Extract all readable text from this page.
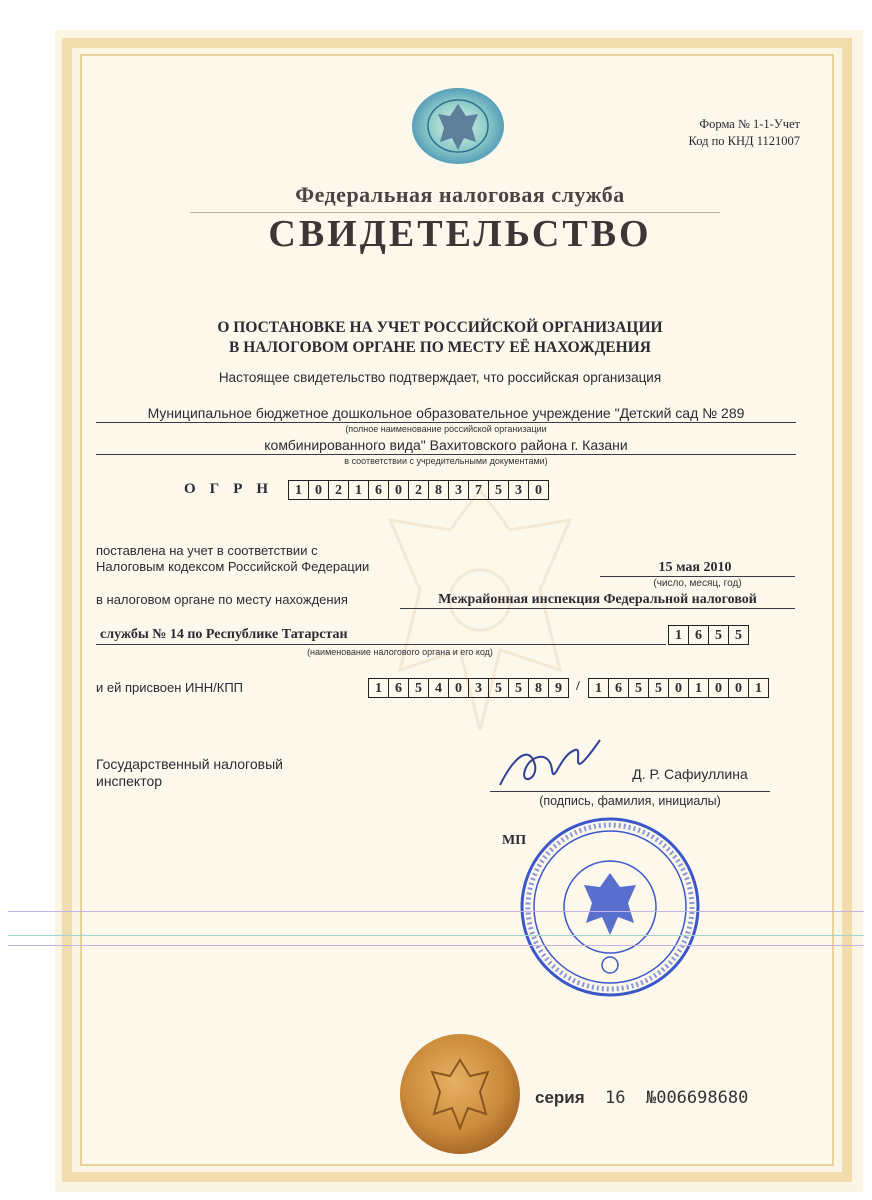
Форма № 1-1-Учет
Код по КНД 1121007
Федеральная налоговая служба
СВИДЕТЕЛЬСТВО
О ПОСТАНОВКЕ НА УЧЕТ РОССИЙСКОЙ ОРГАНИЗАЦИИ
В НАЛОГОВОМ ОРГАНЕ ПО МЕСТУ ЕЁ НАХОЖДЕНИЯ
Настоящее свидетельство подтверждает, что российская организация
Муниципальное бюджетное дошкольное образовательное учреждение "Детский сад № 289
(полное наименование российской организации
комбинированного вида" Вахитовского района г. Казани
в соответствии с учредительными документами)
ОГРН 1 0 2 1 6 0 2 8 3 7 5 3 0
поставлена на учет в соответствии с
Налоговым кодексом Российской Федерации	15 мая 2010
(число, месяц, год)
в налоговом органе по месту нахождения	Межрайонная инспекция Федеральной налоговой
службы № 14 по Республике Татарстан
(наименование налогового органа и его код)
1 6 5 5
и ей присвоен ИНН/КПП	1 6 5 4 0 3 5 5 8 9	/	1 6 5 5 0 1 0 0 1
Государственный налоговый
инспектор	Д. Р. Сафиуллина
(подпись, фамилия, инициалы)
МП
серия 16 №006698680
